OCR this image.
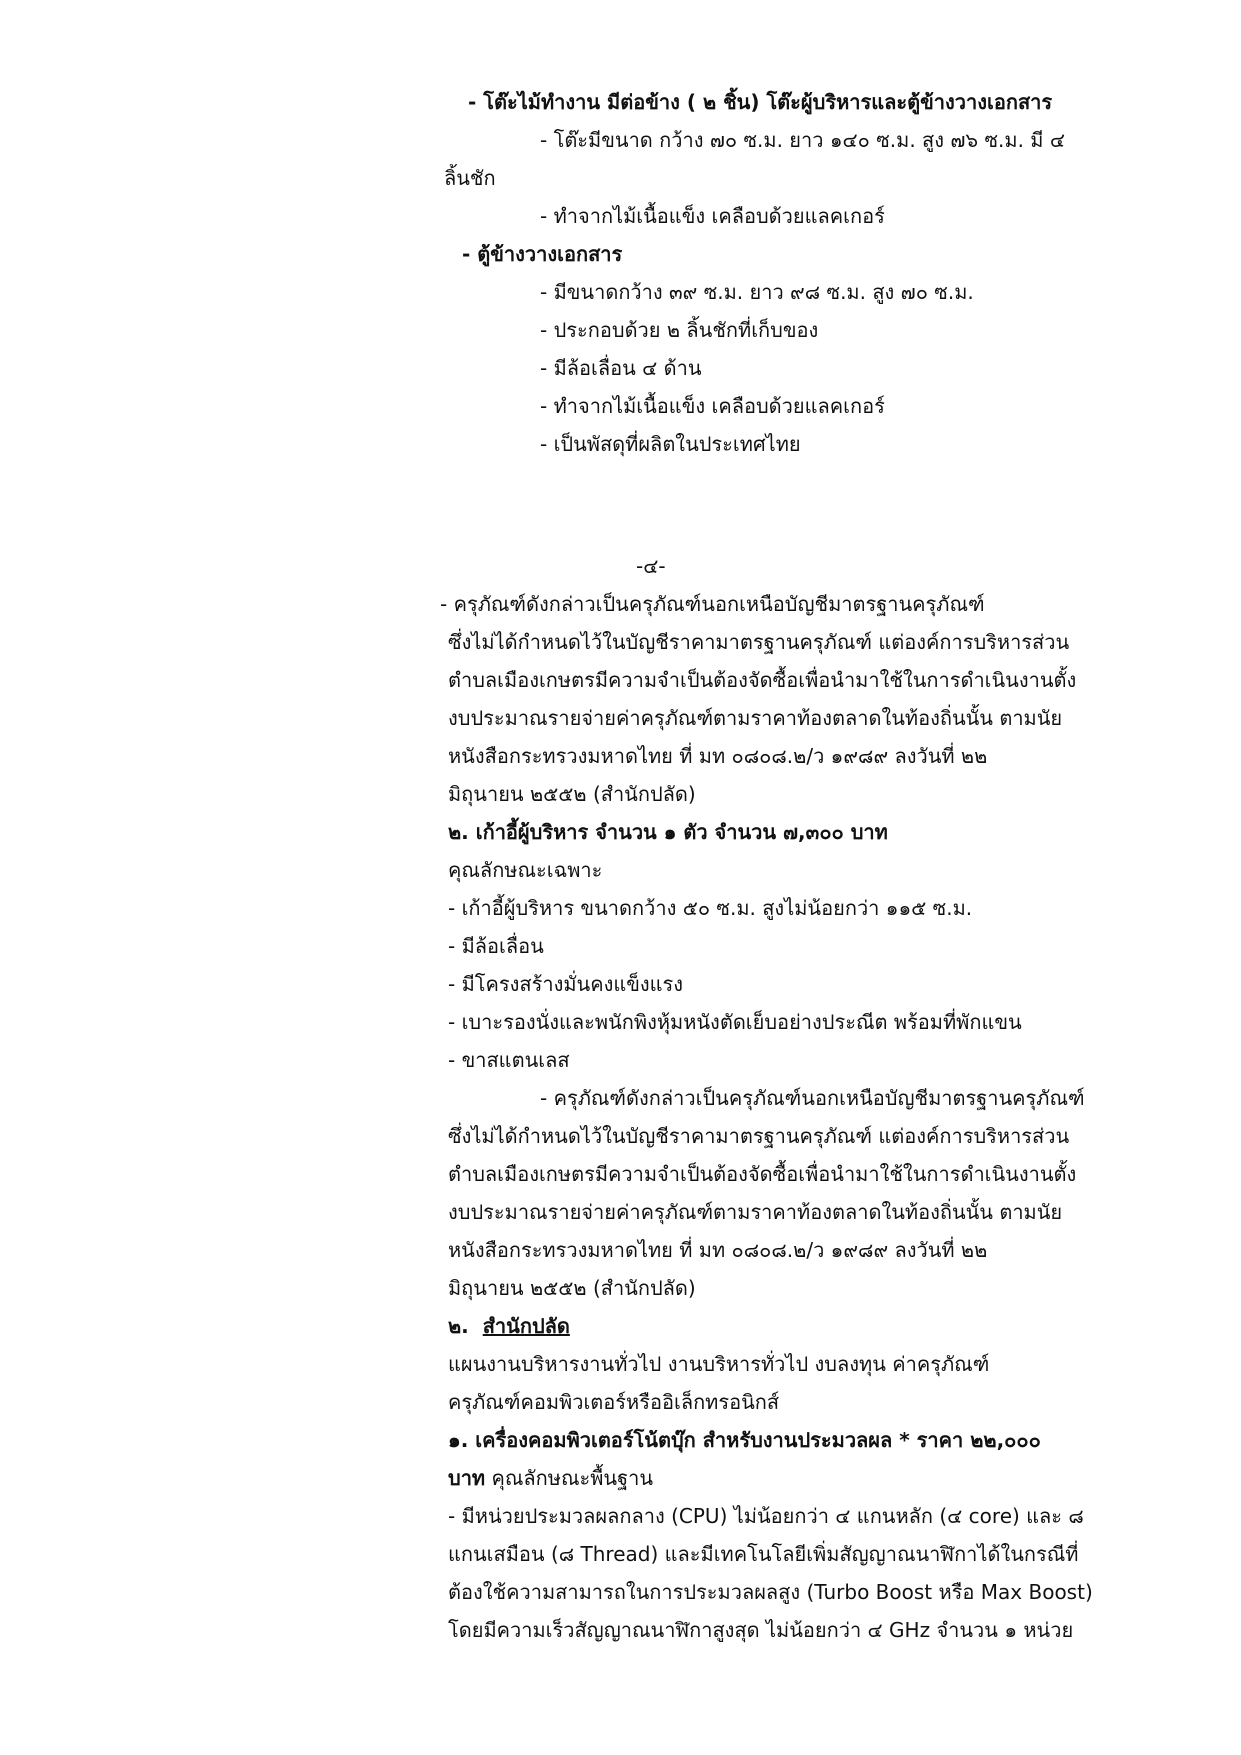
- โต๊ะไม้ทำงาน มีต่อข้าง ( ๒ ชิ้น) โต๊ะผู้บริหารและตู้ข้างวางเอกสาร
- โต๊ะมีขนาด กว้าง ๗๐ ซ.ม. ยาว ๑๔๐ ซ.ม. สูง ๗๖ ซ.ม. มี ๔
ลิ้นชัก
- ทำจากไม้เนื้อแข็ง เคลือบด้วยแลคเกอร์
- ตู้ข้างวางเอกสาร
- มีขนาดกว้าง ๓๙ ซ.ม. ยาว ๙๘ ซ.ม. สูง ๗๐ ซ.ม.
- ประกอบด้วย ๒ ลิ้นชักที่เก็บของ
- มีล้อเลื่อน ๔ ด้าน
- ทำจากไม้เนื้อแข็ง เคลือบด้วยแลคเกอร์
- เป็นพัสดุที่ผลิตในประเทศไทย
-๔-
- ครุภัณฑ์ดังกล่าวเป็นครุภัณฑ์นอกเหนือบัญชีมาตรฐานครุภัณฑ์
ซึ่งไม่ได้กำหนดไว้ในบัญชีราคามาตรฐานครุภัณฑ์ แต่องค์การบริหารส่วน
ตำบลเมืองเกษตรมีความจำเป็นต้องจัดซื้อเพื่อนำมาใช้ในการดำเนินงานตั้ง
งบประมาณรายจ่ายค่าครุภัณฑ์ตามราคาท้องตลาดในท้องถิ่นนั้น ตามนัย
หนังสือกระทรวงมหาดไทย ที่ มท ๐๘๐๘.๒/ว ๑๙๘๙ ลงวันที่ ๒๒
มิถุนายน ๒๕๕๒ (สำนักปลัด)
๒. เก้าอี้ผู้บริหาร จำนวน ๑ ตัว จำนวน ๗,๓๐๐ บาท
คุณลักษณะเฉพาะ
- เก้าอี้ผู้บริหาร ขนาดกว้าง ๕๐ ซ.ม. สูงไม่น้อยกว่า ๑๑๕ ซ.ม.
- มีล้อเลื่อน
- มีโครงสร้างมั่นคงแข็งแรง
- เบาะรองนั่งและพนักพิงหุ้มหนังตัดเย็บอย่างประณีต พร้อมที่พักแขน
- ขาสแตนเลส
- ครุภัณฑ์ดังกล่าวเป็นครุภัณฑ์นอกเหนือบัญชีมาตรฐานครุภัณฑ์
ซึ่งไม่ได้กำหนดไว้ในบัญชีราคามาตรฐานครุภัณฑ์ แต่องค์การบริหารส่วน
ตำบลเมืองเกษตรมีความจำเป็นต้องจัดซื้อเพื่อนำมาใช้ในการดำเนินงานตั้ง
งบประมาณรายจ่ายค่าครุภัณฑ์ตามราคาท้องตลาดในท้องถิ่นนั้น ตามนัย
หนังสือกระทรวงมหาดไทย ที่ มท ๐๘๐๘.๒/ว ๑๙๘๙ ลงวันที่ ๒๒
มิถุนายน ๒๕๕๒ (สำนักปลัด)
๒. สำนักปลัด
แผนงานบริหารงานทั่วไป งานบริหารทั่วไป งบลงทุน ค่าครุภัณฑ์
ครุภัณฑ์คอมพิวเตอร์หรืออิเล็กทรอนิกส์
๑. เครื่องคอมพิวเตอร์โน้ตบุ๊ก สำหรับงานประมวลผล * ราคา ๒๒,๐๐๐
บาท คุณลักษณะพื้นฐาน
- มีหน่วยประมวลผลกลาง (CPU) ไม่น้อยกว่า ๔ แกนหลัก (๔ core) และ ๘
แกนเสมือน (๘ Thread) และมีเทคโนโลยีเพิ่มสัญญาณนาฬิกาได้ในกรณีที่
ต้องใช้ความสามารถในการประมวลผลสูง (Turbo Boost หรือ Max Boost)
โดยมีความเร็วสัญญาณนาฬิกาสูงสุด ไม่น้อยกว่า ๔ GHz จำนวน ๑ หน่วย
